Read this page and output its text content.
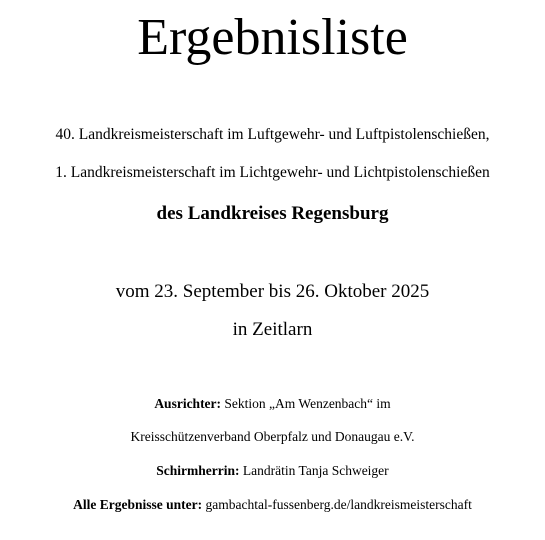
Ergebnisliste
40. Landkreismeisterschaft im Luftgewehr- und Luftpistolenschießen,
1. Landkreismeisterschaft im Lichtgewehr- und Lichtpistolenschießen
des Landkreises Regensburg
vom 23. September bis 26. Oktober 2025
in Zeitlarn
Ausrichter: Sektion „Am Wenzenbach“ im
Kreisschützenverband Oberpfalz und Donaugau e.V.
Schirmherrin: Landrätin Tanja Schweiger
Alle Ergebnisse unter: gambachtal-fussenberg.de/landkreismeisterschaft
